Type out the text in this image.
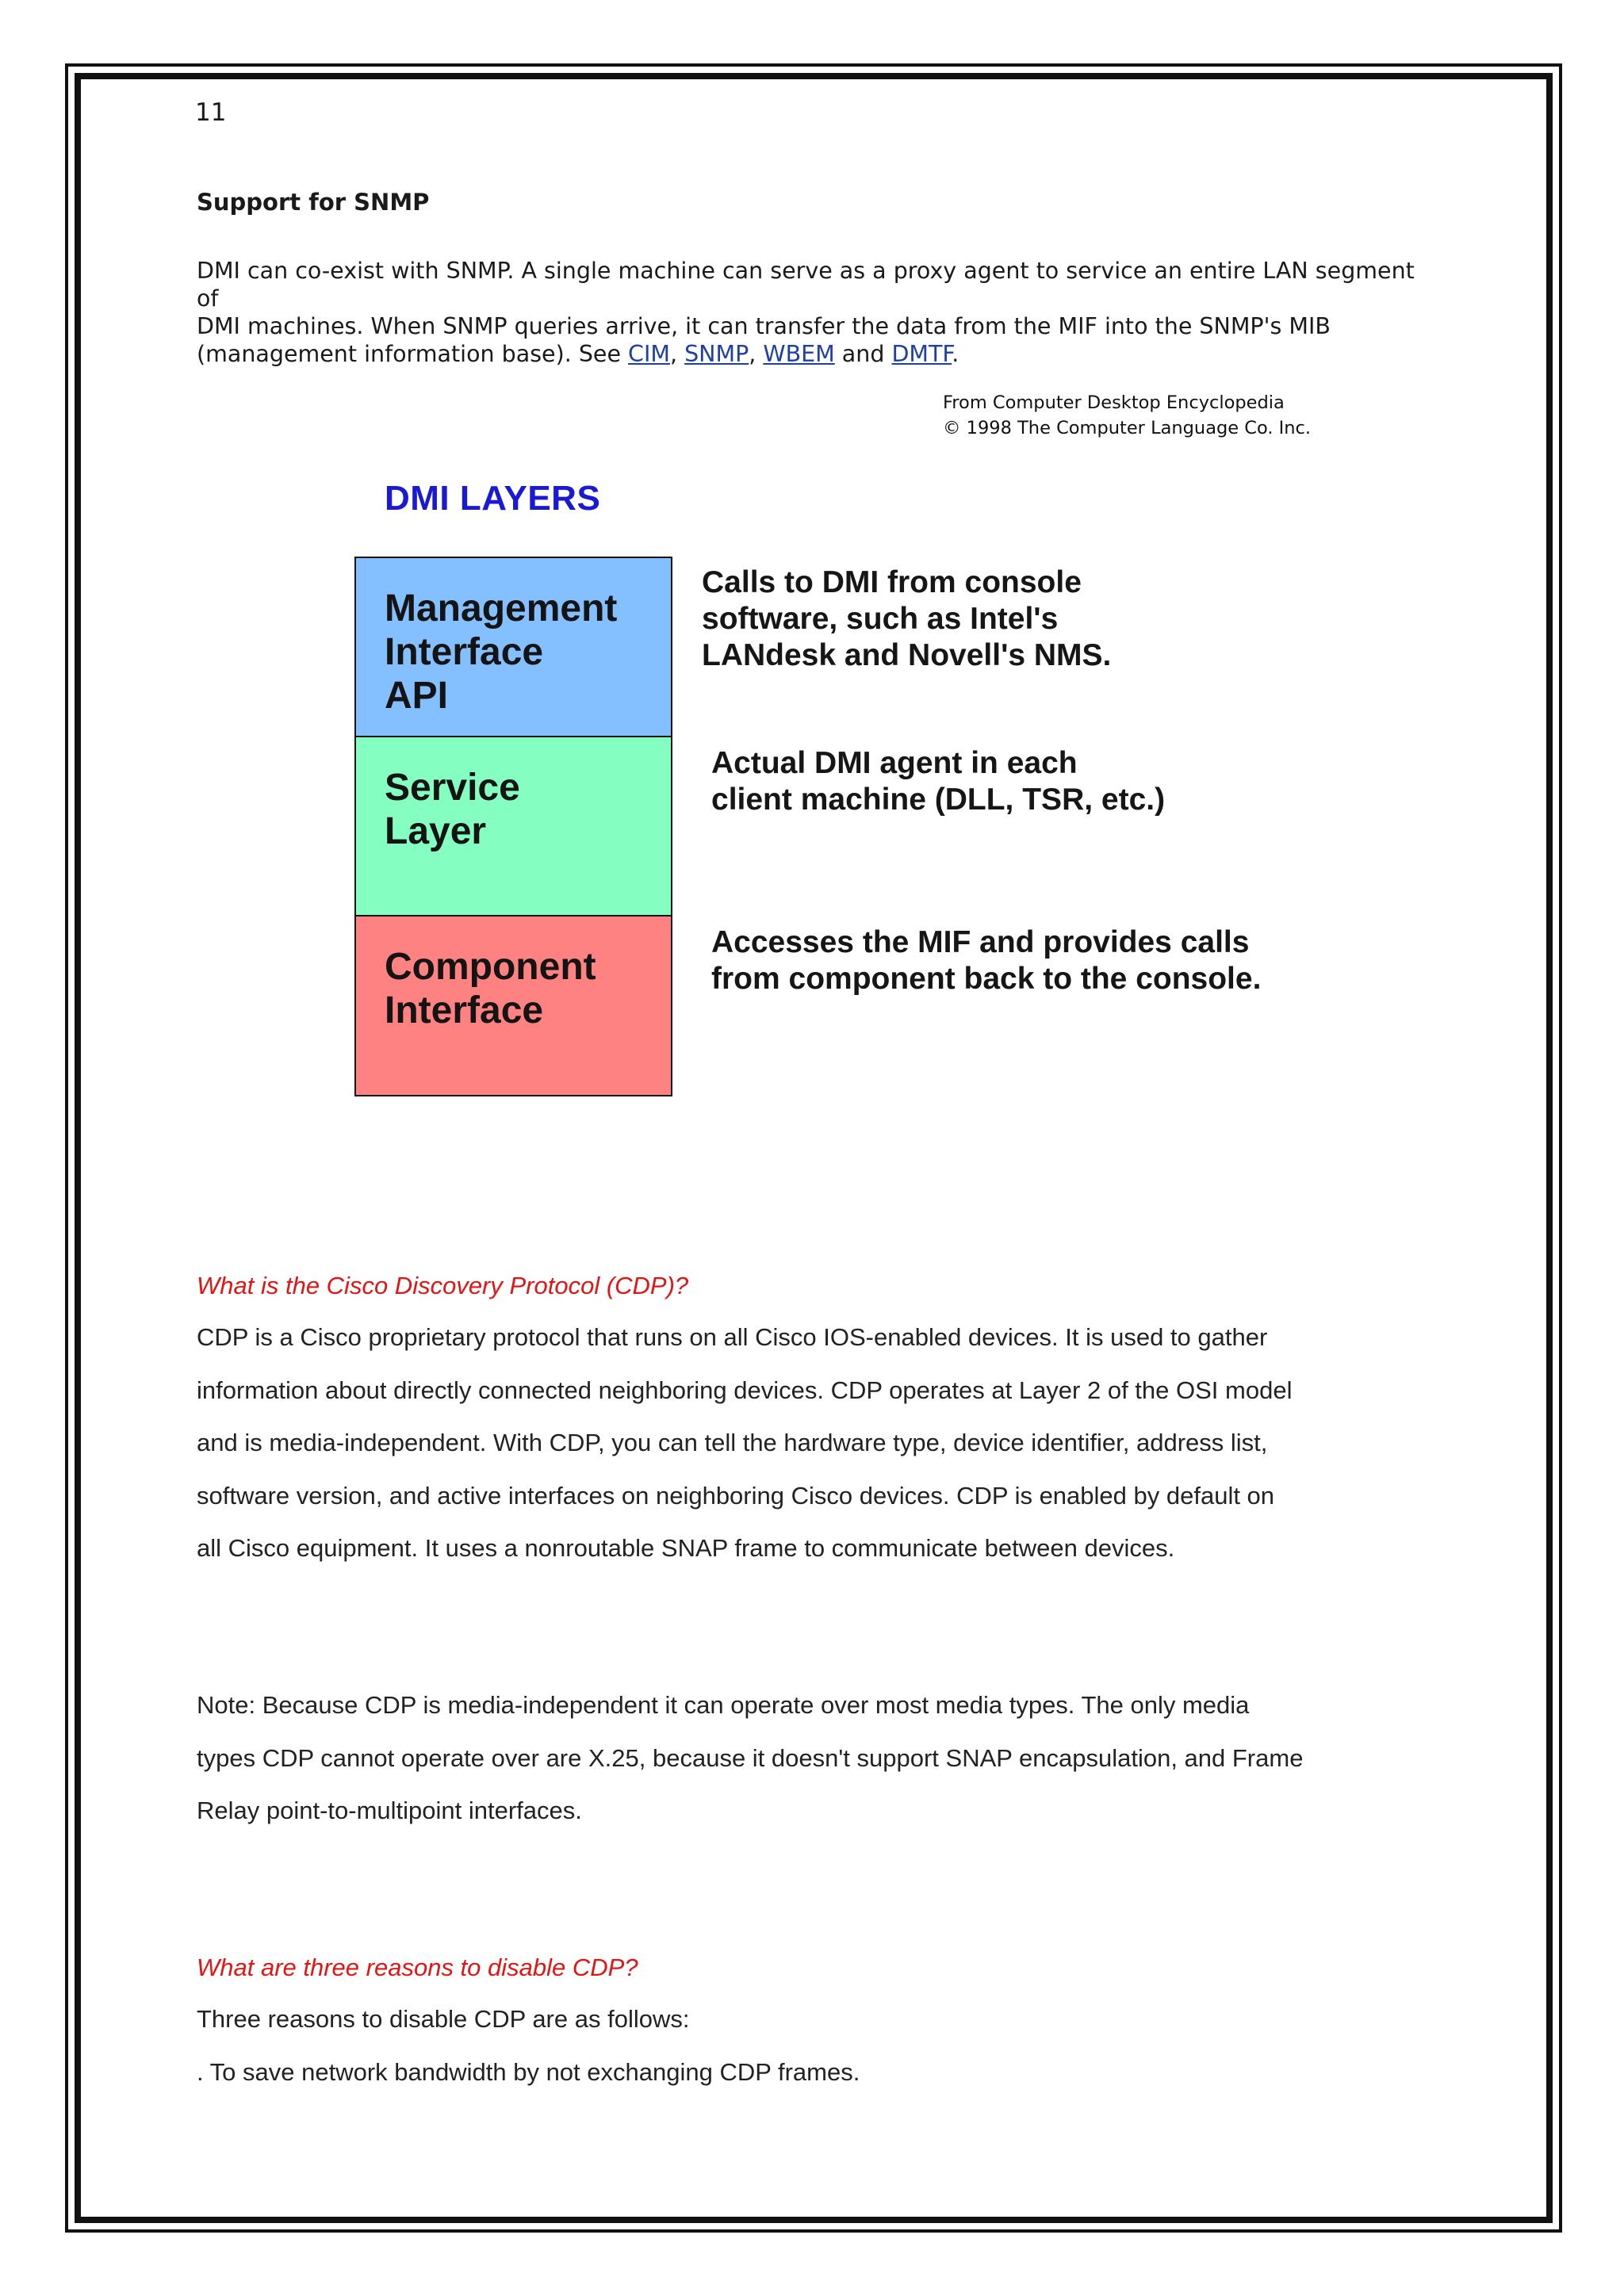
11
Support for SNMP
DMI can co-exist with SNMP. A single machine can serve as a proxy agent to service an entire LAN segment of
DMI machines. When SNMP queries arrive, it can transfer the data from the MIF into the SNMP's MIB
(management information base). See CIM, SNMP, WBEM and DMTF.
From Computer Desktop Encyclopedia
© 1998 The Computer Language Co. Inc.
DMI LAYERS
Management
Interface
API
Service
Layer
Component
Interface
Calls to DMI from console
software, such as Intel's
LANdesk and Novell's NMS.
Actual DMI agent in each
client machine (DLL, TSR, etc.)
Accesses the MIF and provides calls
from component back to the console.
What is the Cisco Discovery Protocol (CDP)?
CDP is a Cisco proprietary protocol that runs on all Cisco IOS-enabled devices. It is used to gather
information about directly connected neighboring devices. CDP operates at Layer 2 of the OSI model
and is media-independent. With CDP, you can tell the hardware type, device identifier, address list,
software version, and active interfaces on neighboring Cisco devices. CDP is enabled by default on
all Cisco equipment. It uses a nonroutable SNAP frame to communicate between devices.
Note: Because CDP is media-independent it can operate over most media types. The only media
types CDP cannot operate over are X.25, because it doesn't support SNAP encapsulation, and Frame
Relay point-to-multipoint interfaces.
What are three reasons to disable CDP?
Three reasons to disable CDP are as follows:
. To save network bandwidth by not exchanging CDP frames.
